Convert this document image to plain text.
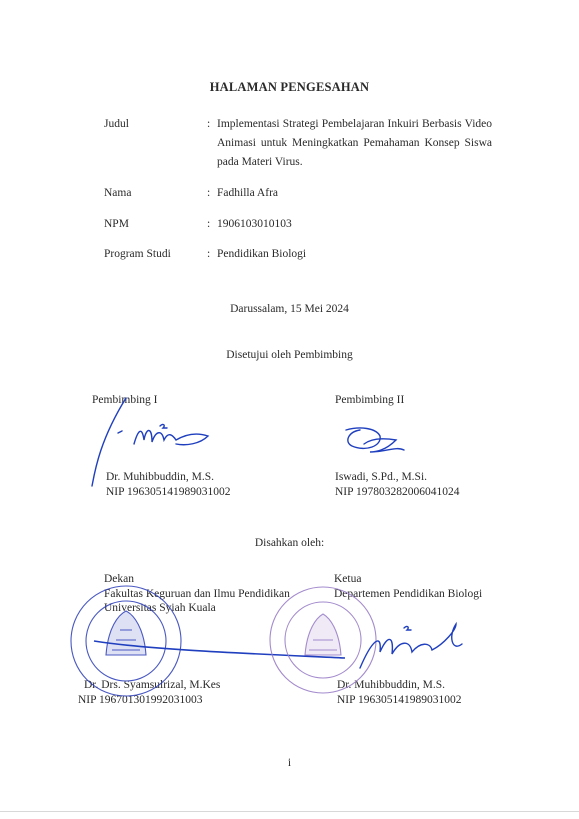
HALAMAN PENGESAHAN
Judul	: Implementasi Strategi Pembelajaran Inkuiri Berbasis Video Animasi untuk Meningkatkan Pemahaman Konsep Siswa pada Materi Virus.
Nama	: Fadhilla Afra
NPM	: 1906103010103
Program Studi	: Pendidikan Biologi
Darussalam, 15 Mei 2024
Disetujui oleh Pembimbing
Pembimbing I
Dr. Muhibbuddin, M.S.
NIP 196305141989031002
Pembimbing II
Iswadi, S.Pd., M.Si.
NIP 197803282006041024
Disahkan oleh:
Dekan
Fakultas Keguruan dan Ilmu Pendidikan
Universitas Syiah Kuala
Dr. Drs. Syamsulrizal, M.Kes
NIP 196701301992031003
Ketua
Departemen Pendidikan Biologi
Dr. Muhibbuddin, M.S.
NIP 196305141989031002
i
